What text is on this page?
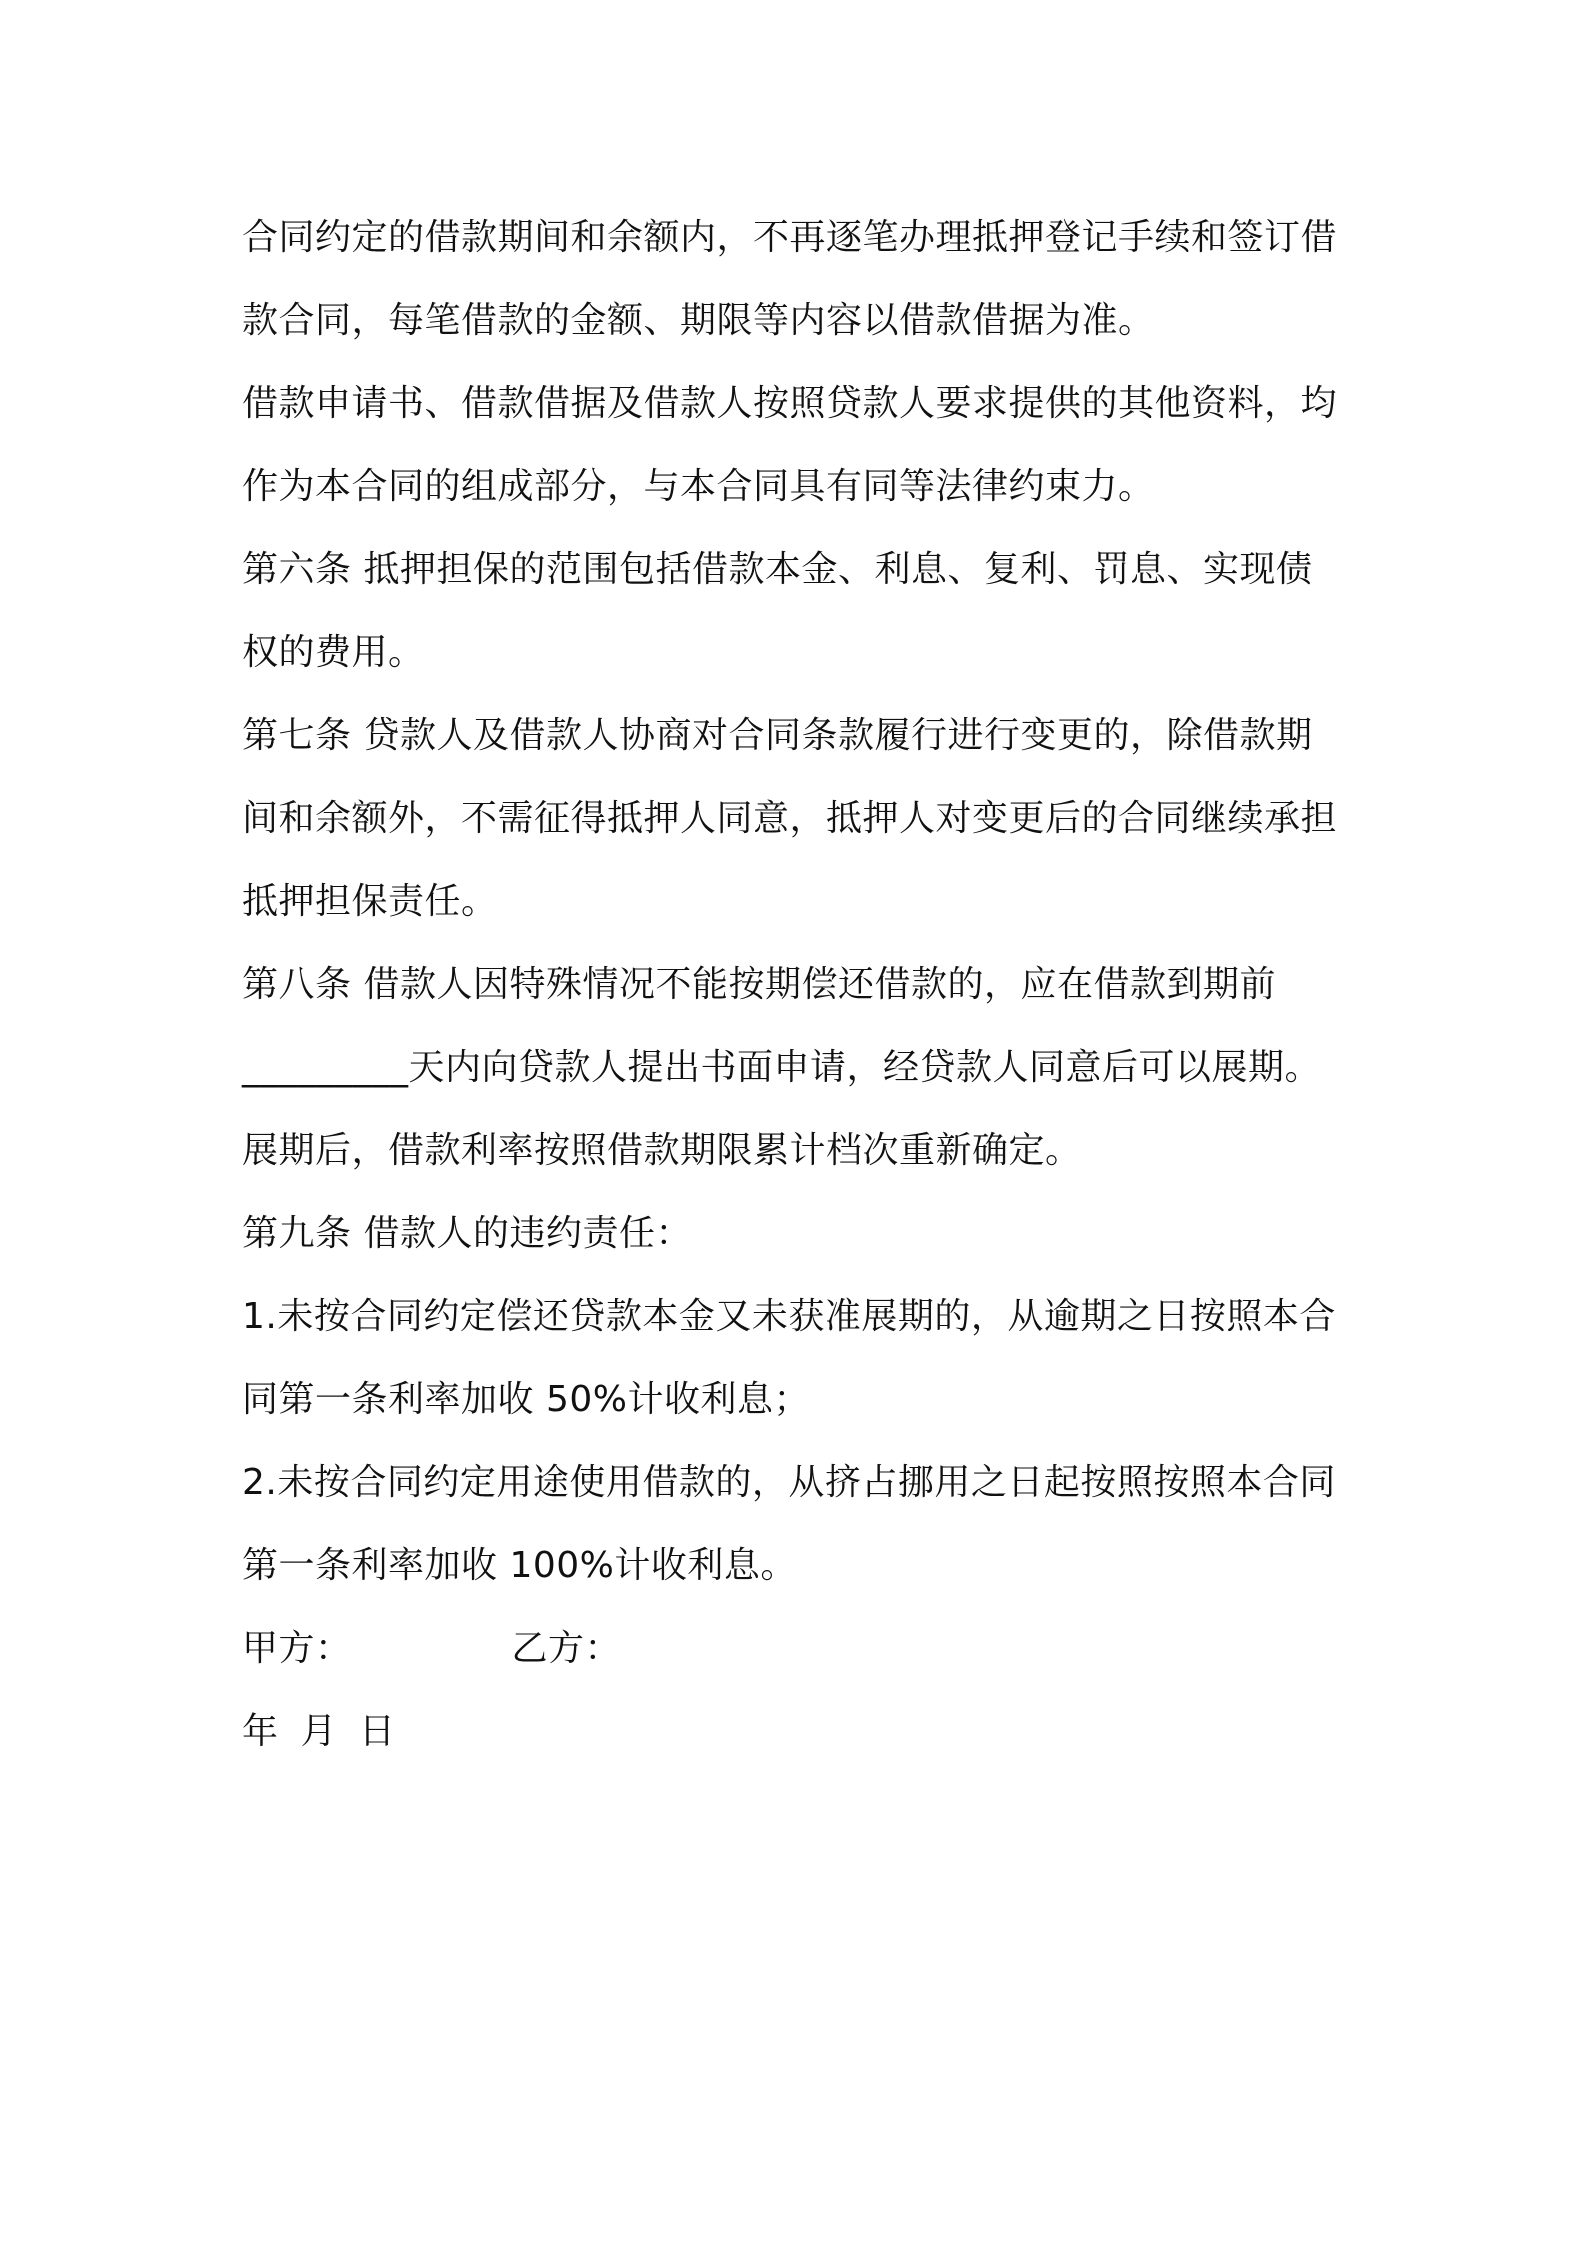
合同约定的借款期间和余额内，不再逐笔办理抵押登记手续和签订借
款合同，每笔借款的金额、期限等内容以借款借据为准。
借款申请书、借款借据及借款人按照贷款人要求提供的其他资料，均
作为本合同的组成部分，与本合同具有同等法律约束力。
第六条 抵押担保的范围包括借款本金、利息、复利、罚息、实现债
权的费用。
第七条 贷款人及借款人协商对合同条款履行进行变更的，除借款期
间和余额外，不需征得抵押人同意，抵押人对变更后的合同继续承担
抵押担保责任。
第八条 借款人因特殊情况不能按期偿还借款的，应在借款到期前
_________天内向贷款人提出书面申请，经贷款人同意后可以展期。
展期后，借款利率按照借款期限累计档次重新确定。
第九条 借款人的违约责任：
1.未按合同约定偿还贷款本金又未获准展期的，从逾期之日按照本合
同第一条利率加收 50%计收利息；
2.未按合同约定用途使用借款的，从挤占挪用之日起按照按照本合同
第一条利率加收 100%计收利息。
甲方：	乙方：
年 月 日
